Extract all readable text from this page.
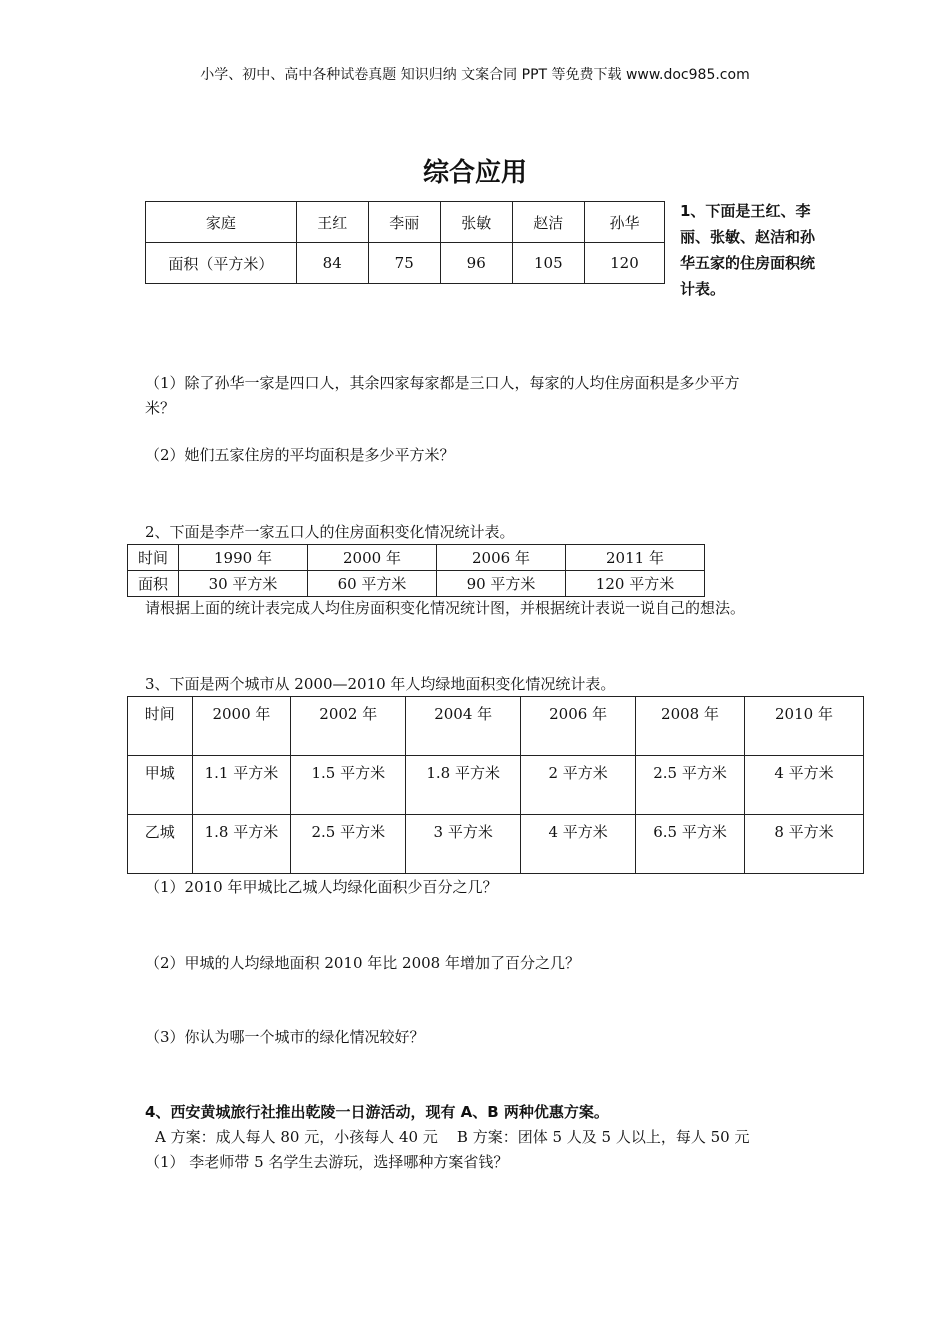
小学、初中、高中各种试卷真题 知识归纳 文案合同 PPT 等免费下载 www.doc985.com
综合应用
家庭	王红	李丽	张敏	赵洁	孙华
面积（平方米）	84	75	96	105	120
1、下面是王红、李丽、张敏、赵洁和孙华五家的住房面积统计表。
（1）除了孙华一家是四口人，其余四家每家都是三口人，每家的人均住房面积是多少平方
米？
（2）她们五家住房的平均面积是多少平方米？
2、下面是李芹一家五口人的住房面积变化情况统计表。
时间	1990 年	2000 年	2006 年	2011 年
面积	30 平方米	60 平方米	90 平方米	120 平方米
请根据上面的统计表完成人均住房面积变化情况统计图，并根据统计表说一说自己的想法。
3、下面是两个城市从 2000—2010 年人均绿地面积变化情况统计表。
时间	2000 年	2002 年	2004 年	2006 年	2008 年	2010 年
甲城	1.1 平方米	1.5 平方米	1.8 平方米	2 平方米	2.5 平方米	4 平方米
乙城	1.8 平方米	2.5 平方米	3 平方米	4 平方米	6.5 平方米	8 平方米
（1）2010 年甲城比乙城人均绿化面积少百分之几？
（2）甲城的人均绿地面积 2010 年比 2008 年增加了百分之几？
（3）你认为哪一个城市的绿化情况较好？
4、西安黄城旅行社推出乾陵一日游活动，现有 A、B 两种优惠方案。
A 方案：成人每人 80 元，小孩每人 40 元    B 方案：团体 5 人及 5 人以上，每人 50 元
（1） 李老师带 5 名学生去游玩，选择哪种方案省钱？
